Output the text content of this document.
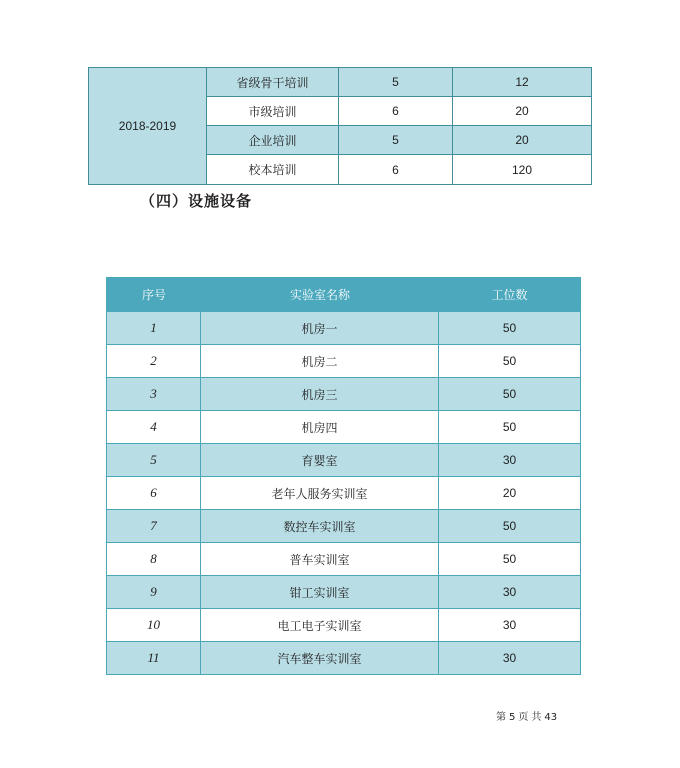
2018-2019
省级骨干培训	5	12
市级培训	6	20
企业培训	5	20
校本培训	6	120
（四）设施设备
序号	实验室名称	工位数
1	机房一	50
2	机房二	50
3	机房三	50
4	机房四	50
5	育婴室	30
6	老年人服务实训室	20
7	数控车实训室	50
8	普车实训室	50
9	钳工实训室	30
10	电工电子实训室	30
11	汽车整车实训室	30
第 5 页 共 43
